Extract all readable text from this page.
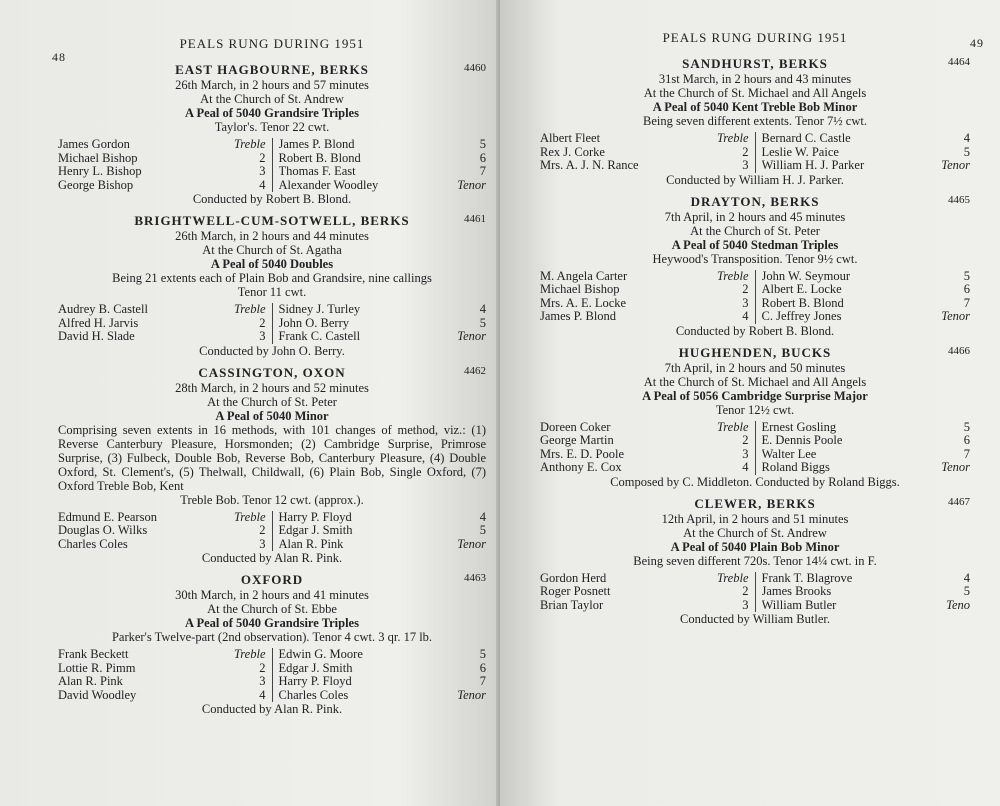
48
PEALS RUNG DURING 1951
EAST HAGBOURNE, BERKS	4460
26th March, in 2 hours and 57 minutes
At the Church of St. Andrew
A Peal of 5040 Grandsire Triples
Taylor's. Tenor 22 cwt.
James Gordon	Treble
Michael Bishop	2
Henry L. Bishop	3
George Bishop	4
James P. Blond	5
Robert B. Blond	6
Thomas F. East	7
Alexander Woodley	Tenor
Conducted by Robert B. Blond.
BRIGHTWELL-CUM-SOTWELL, BERKS	4461
26th March, in 2 hours and 44 minutes
At the Church of St. Agatha
A Peal of 5040 Doubles
Being 21 extents each of Plain Bob and Grandsire, nine callings
Tenor 11 cwt.
Audrey B. Castell	Treble
Alfred H. Jarvis	2
David H. Slade	3
Sidney J. Turley	4
John O. Berry	5
Frank C. Castell	Tenor
Conducted by John O. Berry.
CASSINGTON, OXON	4462
28th March, in 2 hours and 52 minutes
At the Church of St. Peter
A Peal of 5040 Minor
Comprising seven extents in 16 methods, with 101 changes of method, viz.: (1) Reverse Canterbury Pleasure, Horsmonden; (2) Cambridge Surprise, Primrose Surprise, (3) Fulbeck, Double Bob, Reverse Bob, Canterbury Pleasure, (4) Double Oxford, St. Clement's, (5) Thelwall, Childwall, (6) Plain Bob, Single Oxford, (7) Oxford Treble Bob, Kent
Treble Bob. Tenor 12 cwt. (approx.).
Edmund E. Pearson	Treble
Douglas O. Wilks	2
Charles Coles	3
Harry P. Floyd	4
Edgar J. Smith	5
Alan R. Pink	Tenor
Conducted by Alan R. Pink.
OXFORD	4463
30th March, in 2 hours and 41 minutes
At the Church of St. Ebbe
A Peal of 5040 Grandsire Triples
Parker's Twelve-part (2nd observation). Tenor 4 cwt. 3 qr. 17 lb.
Frank Beckett	Treble
Lottie R. Pimm	2
Alan R. Pink	3
David Woodley	4
Edwin G. Moore	5
Edgar J. Smith	6
Harry P. Floyd	7
Charles Coles	Tenor
Conducted by Alan R. Pink.
PEALS RUNG DURING 1951	49
SANDHURST, BERKS	4464
31st March, in 2 hours and 43 minutes
At the Church of St. Michael and All Angels
A Peal of 5040 Kent Treble Bob Minor
Being seven different extents. Tenor 7½ cwt.
Albert Fleet	Treble
Rex J. Corke	2
Mrs. A. J. N. Rance	3
Bernard C. Castle	4
Leslie W. Paice	5
William H. J. Parker	Tenor
Conducted by William H. J. Parker.
DRAYTON, BERKS	4465
7th April, in 2 hours and 45 minutes
At the Church of St. Peter
A Peal of 5040 Stedman Triples
Heywood's Transposition. Tenor 9½ cwt.
M. Angela Carter	Treble
Michael Bishop	2
Mrs. A. E. Locke	3
James P. Blond	4
John W. Seymour	5
Albert E. Locke	6
Robert B. Blond	7
C. Jeffrey Jones	Tenor
Conducted by Robert B. Blond.
HUGHENDEN, BUCKS	4466
7th April, in 2 hours and 50 minutes
At the Church of St. Michael and All Angels
A Peal of 5056 Cambridge Surprise Major
Tenor 12½ cwt.
Doreen Coker	Treble
George Martin	2
Mrs. E. D. Poole	3
Anthony E. Cox	4
Ernest Gosling	5
E. Dennis Poole	6
Walter Lee	7
Roland Biggs	Tenor
Composed by C. Middleton. Conducted by Roland Biggs.
CLEWER, BERKS	4467
12th April, in 2 hours and 51 minutes
At the Church of St. Andrew
A Peal of 5040 Plain Bob Minor
Being seven different 720s. Tenor 14¼ cwt. in F.
Gordon Herd	Treble
Roger Posnett	2
Brian Taylor	3
Frank T. Blagrove	4
James Brooks	5
William Butler	Teno
Conducted by William Butler.
